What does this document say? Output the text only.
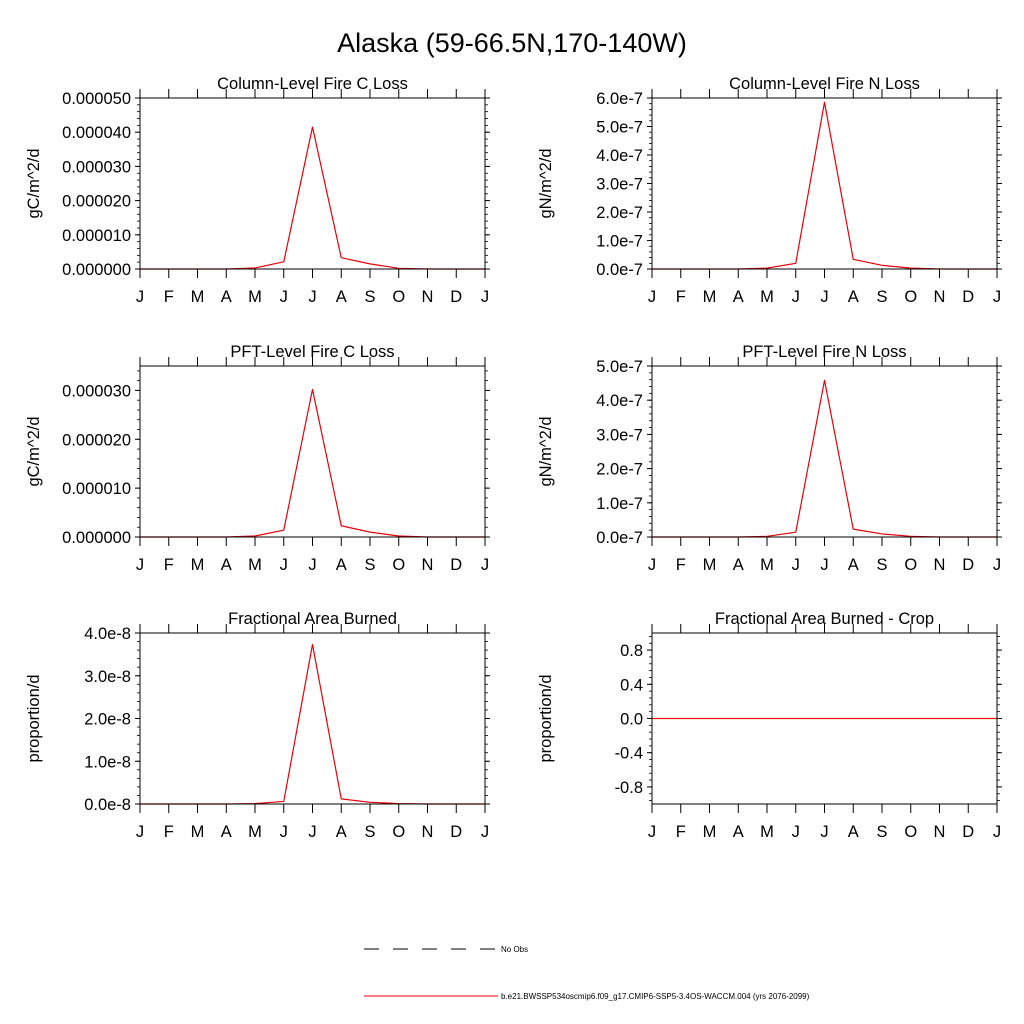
Alaska (59-66.5N,170-140W)
Column-Level Fire C Loss
gC/m^2/d
0.000000
0.000010
0.000020
0.000030
0.000040
0.000050
J F M A M J J A S O N D J
Column-Level Fire N Loss
gN/m^2/d
0.0e-7
1.0e-7
2.0e-7
3.0e-7
4.0e-7
5.0e-7
6.0e-7
J F M A M J J A S O N D J
PFT-Level Fire C Loss
gC/m^2/d
0.000000
0.000010
0.000020
0.000030
J F M A M J J A S O N D J
PFT-Level Fire N Loss
gN/m^2/d
0.0e-7
1.0e-7
2.0e-7
3.0e-7
4.0e-7
5.0e-7
J F M A M J J A S O N D J
Fractional Area Burned
proportion/d
0.0e-8
1.0e-8
2.0e-8
3.0e-8
4.0e-8
J F M A M J J A S O N D J
Fractional Area Burned - Crop
proportion/d
-0.8
-0.4
0.0
0.4
0.8
J F M A M J J A S O N D J
No Obs
b.e21.BWSSP534oscmip6.f09_g17.CMIP6-SSP5-3.4OS-WACCM.004 (yrs 2076-2099)
